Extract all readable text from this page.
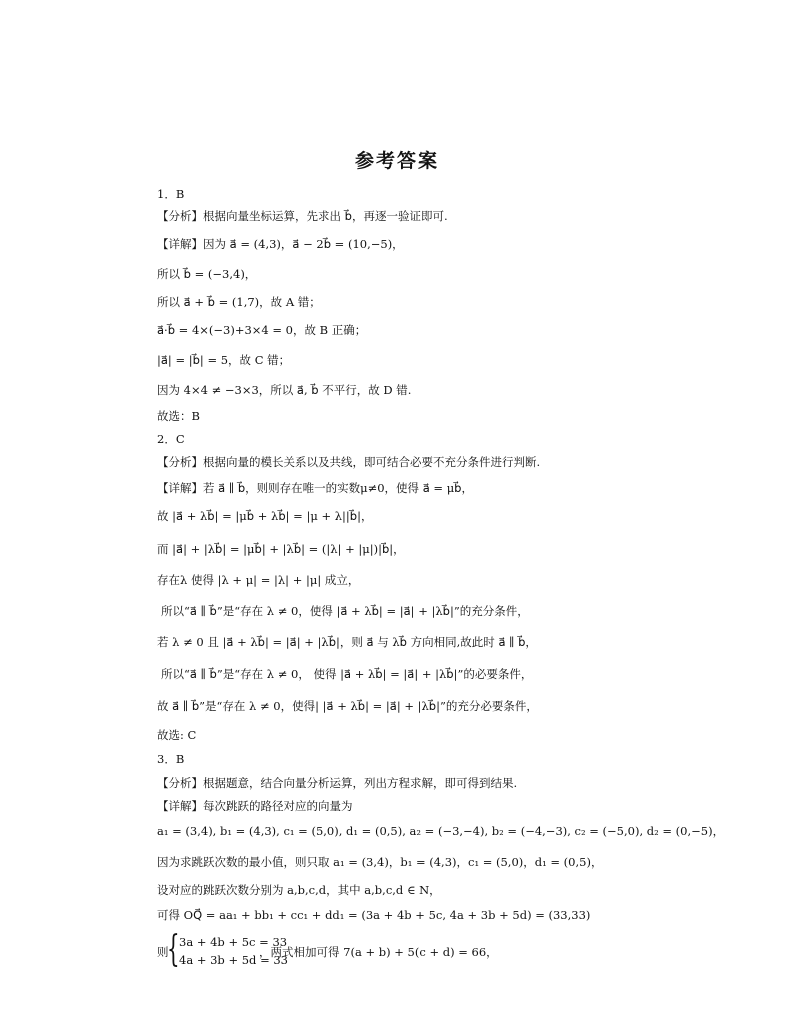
参考答案
1．B
【分析】根据向量坐标运算，先求出 b⃗，再逐一验证即可.
【详解】因为 a⃗ = (4,3)，a⃗ − 2b⃗ = (10,−5)，
所以 b⃗ = (−3,4)，
所以 a⃗ + b⃗ = (1,7)，故 A 错；
a⃗·b⃗ = 4×(−3)+3×4 = 0，故 B 正确；
|a⃗| = |b⃗| = 5，故 C 错；
因为 4×4 ≠ −3×3，所以 a⃗, b⃗ 不平行，故 D 错.
故选：B
2．C
【分析】根据向量的模长关系以及共线，即可结合必要不充分条件进行判断.
【详解】若 a⃗ ∥ b⃗，则则存在唯一的实数μ≠0，使得 a⃗ = μb⃗，
故 |a⃗ + λb⃗| = |μb⃗ + λb⃗| = |μ + λ||b⃗|，
而 |a⃗| + |λb⃗| = |μb⃗| + |λb⃗| = (|λ| + |μ|)|b⃗|，
存在λ 使得 |λ + μ| = |λ| + |μ| 成立，
所以“a⃗ ∥ b⃗”是“存在 λ ≠ 0，使得 |a⃗ + λb⃗| = |a⃗| + |λb⃗|”的充分条件，
若 λ ≠ 0 且 |a⃗ + λb⃗| = |a⃗| + |λb⃗|，则 a⃗ 与 λb⃗ 方向相同,故此时 a⃗ ∥ b⃗，
所以“a⃗ ∥ b⃗”是“存在 λ ≠ 0， 使得 |a⃗ + λb⃗| = |a⃗| + |λb⃗|”的必要条件，
故 a⃗ ∥ b⃗”是“存在 λ ≠ 0，使得| |a⃗ + λb⃗| = |a⃗| + |λb⃗|”的充分必要条件，
故选: C
3．B
【分析】根据题意，结合向量分析运算，列出方程求解，即可得到结果.
【详解】每次跳跃的路径对应的向量为
a₁ = (3,4), b₁ = (4,3), c₁ = (5,0), d₁ = (0,5), a₂ = (−3,−4), b₂ = (−4,−3), c₂ = (−5,0), d₂ = (0,−5)，
因为求跳跃次数的最小值，则只取 a₁ = (3,4)，b₁ = (4,3)，c₁ = (5,0)，d₁ = (0,5)，
设对应的跳跃次数分别为 a,b,c,d，其中 a,b,c,d ∈ N，
可得 OQ⃗ = aa₁ + bb₁ + cc₁ + dd₁ = (3a + 4b + 5c, 4a + 3b + 5d) = (33,33)
则
{ 3a + 4b + 5c = 33
4a + 3b + 5d = 33
，两式相加可得 7(a + b) + 5(c + d) = 66，
